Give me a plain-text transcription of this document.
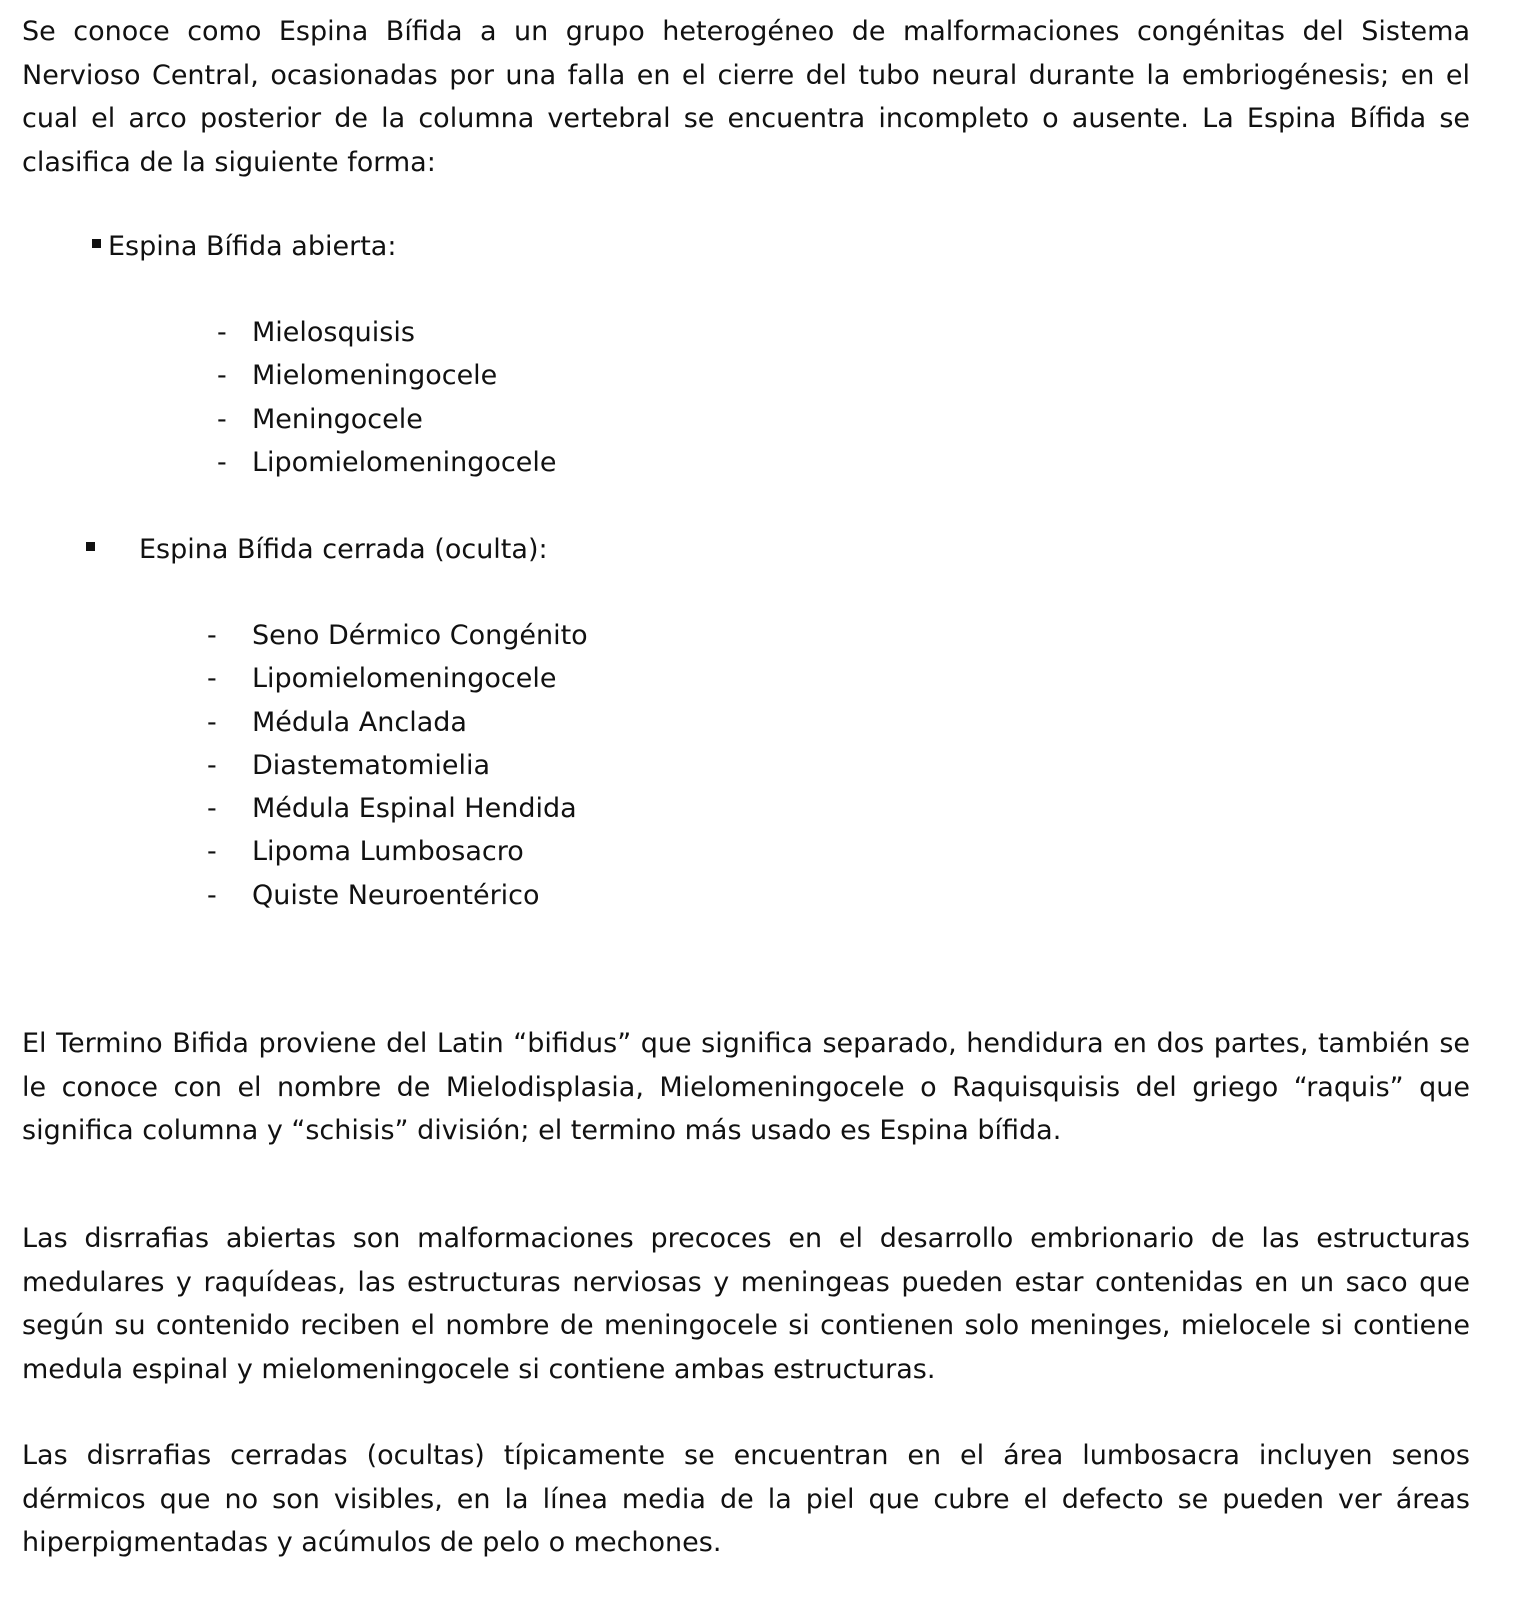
Se conoce como Espina Bífida a un grupo heterogéneo de malformaciones congénitas del Sistema Nervioso Central, ocasionadas por una falla en el cierre del tubo neural durante la embriogénesis; en el cual el arco posterior de la columna vertebral se encuentra incompleto o ausente. La Espina Bífida se clasifica de la siguiente forma:

Espina Bífida abierta:
- Mielosquisis
- Mielomeningocele
- Meningocele
- Lipomielomeningocele
Espina Bífida cerrada (oculta):
- Seno Dérmico Congénito
- Lipomielomeningocele
- Médula Anclada
- Diastematomielia
- Médula Espinal Hendida
- Lipoma Lumbosacro
- Quiste Neuroentérico

El Termino Bifida proviene del Latin “bifidus” que significa separado, hendidura en dos partes, también se le conoce con el nombre de Mielodisplasia, Mielomeningocele o Raquisquisis del griego “raquis” que significa columna y “schisis” división; el termino más usado es Espina bífida.

Las disrrafias abiertas son malformaciones precoces en el desarrollo embrionario de las estructuras medulares y raquídeas, las estructuras nerviosas y meningeas pueden estar contenidas en un saco que según su contenido reciben el nombre de meningocele si contienen solo meninges, mielocele si contiene medula espinal y mielomeningocele si contiene ambas estructuras.

Las disrrafias cerradas (ocultas) típicamente se encuentran en el área lumbosacra incluyen senos dérmicos que no son visibles, en la línea media de la piel que cubre el defecto se pueden ver áreas hiperpigmentadas y acúmulos de pelo o mechones.
